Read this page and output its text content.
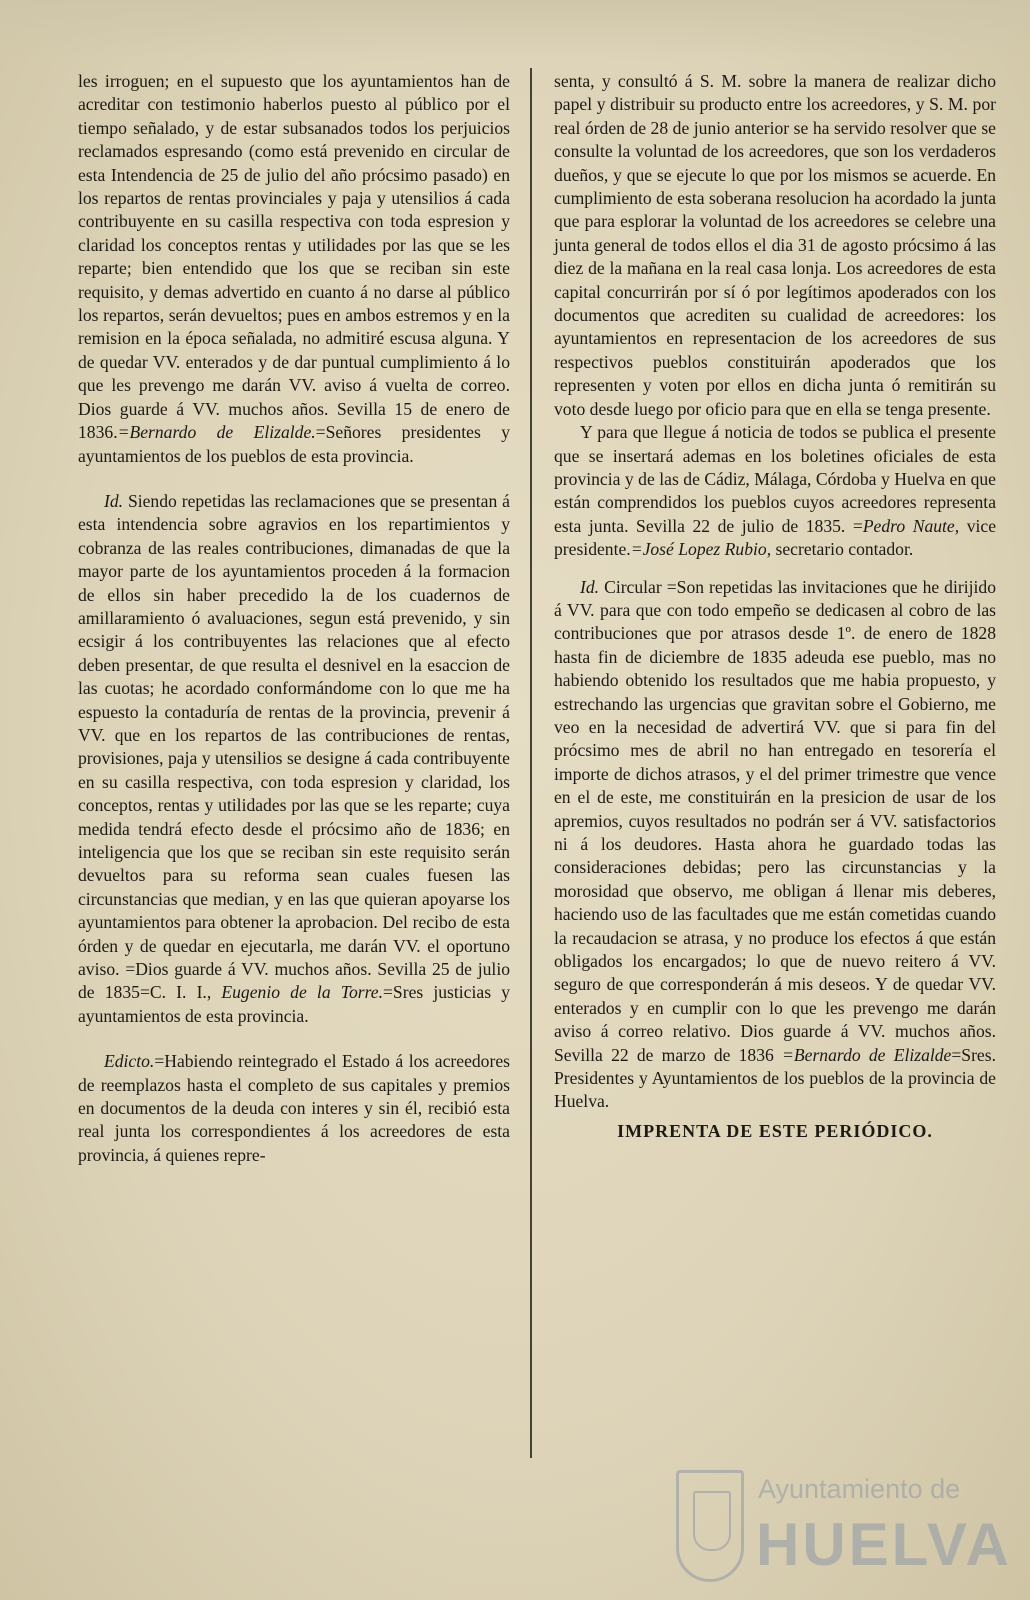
les irroguen; en el supuesto que los ayuntamientos han de acreditar con testimonio haberlos puesto al público por el tiempo señalado, y de estar subsanados todos los perjuicios reclamados espresando (como está prevenido en circular de esta Intendencia de 25 de julio del año prócsimo pasado) en los repartos de rentas provinciales y paja y utensilios á cada contribuyente en su casilla respectiva con toda espresion y claridad los conceptos rentas y utilidades por las que se les reparte; bien entendido que los que se reciban sin este requisito, y demas advertido en cuanto á no darse al público los repartos, serán devueltos; pues en ambos estremos y en la remision en la época señalada, no admitiré escusa alguna. Y de quedar VV. enterados y de dar puntual cumplimiento á lo que les prevengo me darán VV. aviso á vuelta de correo. Dios guarde á VV. muchos años. Sevilla 15 de enero de 1836.=Bernardo de Elizalde.=Señores presidentes y ayuntamientos de los pueblos de esta provincia.

Id. Siendo repetidas las reclamaciones que se presentan á esta intendencia sobre agravios en los repartimientos y cobranza de las reales contribuciones, dimanadas de que la mayor parte de los ayuntamientos proceden á la formacion de ellos sin haber precedido la de los cuadernos de amillaramiento ó avaluaciones, segun está prevenido, y sin ecsigir á los contribuyentes las relaciones que al efecto deben presentar, de que resulta el desnivel en la esaccion de las cuotas; he acordado conformándome con lo que me ha espuesto la contaduría de rentas de la provincia, prevenir á VV. que en los repartos de las contribuciones de rentas, provisiones, paja y utensilios se designe á cada contribuyente en su casilla respectiva, con toda espresion y claridad, los conceptos, rentas y utilidades por las que se les reparte; cuya medida tendrá efecto desde el prócsimo año de 1836; en inteligencia que los que se reciban sin este requisito serán devueltos para su reforma sean cuales fuesen las circunstancias que median, y en las que quieran apoyarse los ayuntamientos para obtener la aprobacion. Del recibo de esta órden y de quedar en ejecutarla, me darán VV. el oportuno aviso. =Dios guarde á VV. muchos años. Sevilla 25 de julio de 1835=C. I. I., Eugenio de la Torre.=Sres justicias y ayuntamientos de esta provincia.

Edicto.=Habiendo reintegrado el Estado á los acreedores de reemplazos hasta el completo de sus capitales y premios en documentos de la deuda con interes y sin él, recibió esta real junta los correspondientes á los acreedores de esta provincia, á quienes repre-

senta, y consultó á S. M. sobre la manera de realizar dicho papel y distribuir su producto entre los acreedores, y S. M. por real órden de 28 de junio anterior se ha servido resolver que se consulte la voluntad de los acreedores, que son los verdaderos dueños, y que se ejecute lo que por los mismos se acuerde. En cumplimiento de esta soberana resolucion ha acordado la junta que para esplorar la voluntad de los acreedores se celebre una junta general de todos ellos el dia 31 de agosto prócsimo á las diez de la mañana en la real casa lonja. Los acreedores de esta capital concurrirán por sí ó por legítimos apoderados con los documentos que acrediten su cualidad de acreedores: los ayuntamientos en representacion de los acreedores de sus respectivos pueblos constituirán apoderados que los representen y voten por ellos en dicha junta ó remitirán su voto desde luego por oficio para que en ella se tenga presente.

Y para que llegue á noticia de todos se publica el presente que se insertará ademas en los boletines oficiales de esta provincia y de las de Cádiz, Málaga, Córdoba y Huelva en que están comprendidos los pueblos cuyos acreedores representa esta junta. Sevilla 22 de julio de 1835. =Pedro Naute, vice presidente.=José Lopez Rubio, secretario contador.

Id. Circular =Son repetidas las invitaciones que he dirijido á VV. para que con todo empeño se dedicasen al cobro de las contribuciones que por atrasos desde 1º. de enero de 1828 hasta fin de diciembre de 1835 adeuda ese pueblo, mas no habiendo obtenido los resultados que me habia propuesto, y estrechando las urgencias que gravitan sobre el Gobierno, me veo en la necesidad de advertirá VV. que si para fin del prócsimo mes de abril no han entregado en tesorería el importe de dichos atrasos, y el del primer trimestre que vence en el de este, me constituirán en la presicion de usar de los apremios, cuyos resultados no podrán ser á VV. satisfactorios ni á los deudores. Hasta ahora he guardado todas las consideraciones debidas; pero las circunstancias y la morosidad que observo, me obligan á llenar mis deberes, haciendo uso de las facultades que me están cometidas cuando la recaudacion se atrasa, y no produce los efectos á que están obligados los encargados; lo que de nuevo reitero á VV. seguro de que corresponderán á mis deseos. Y de quedar VV. enterados y en cumplir con lo que les prevengo me darán aviso á correo relativo. Dios guarde á VV. muchos años. Sevilla 22 de marzo de 1836 =Bernardo de Elizalde=Sres. Presidentes y Ayuntamientos de los pueblos de la provincia de Huelva.

IMPRENTA DE ESTE PERIÓDICO.

Ayuntamiento de
HUELVA
